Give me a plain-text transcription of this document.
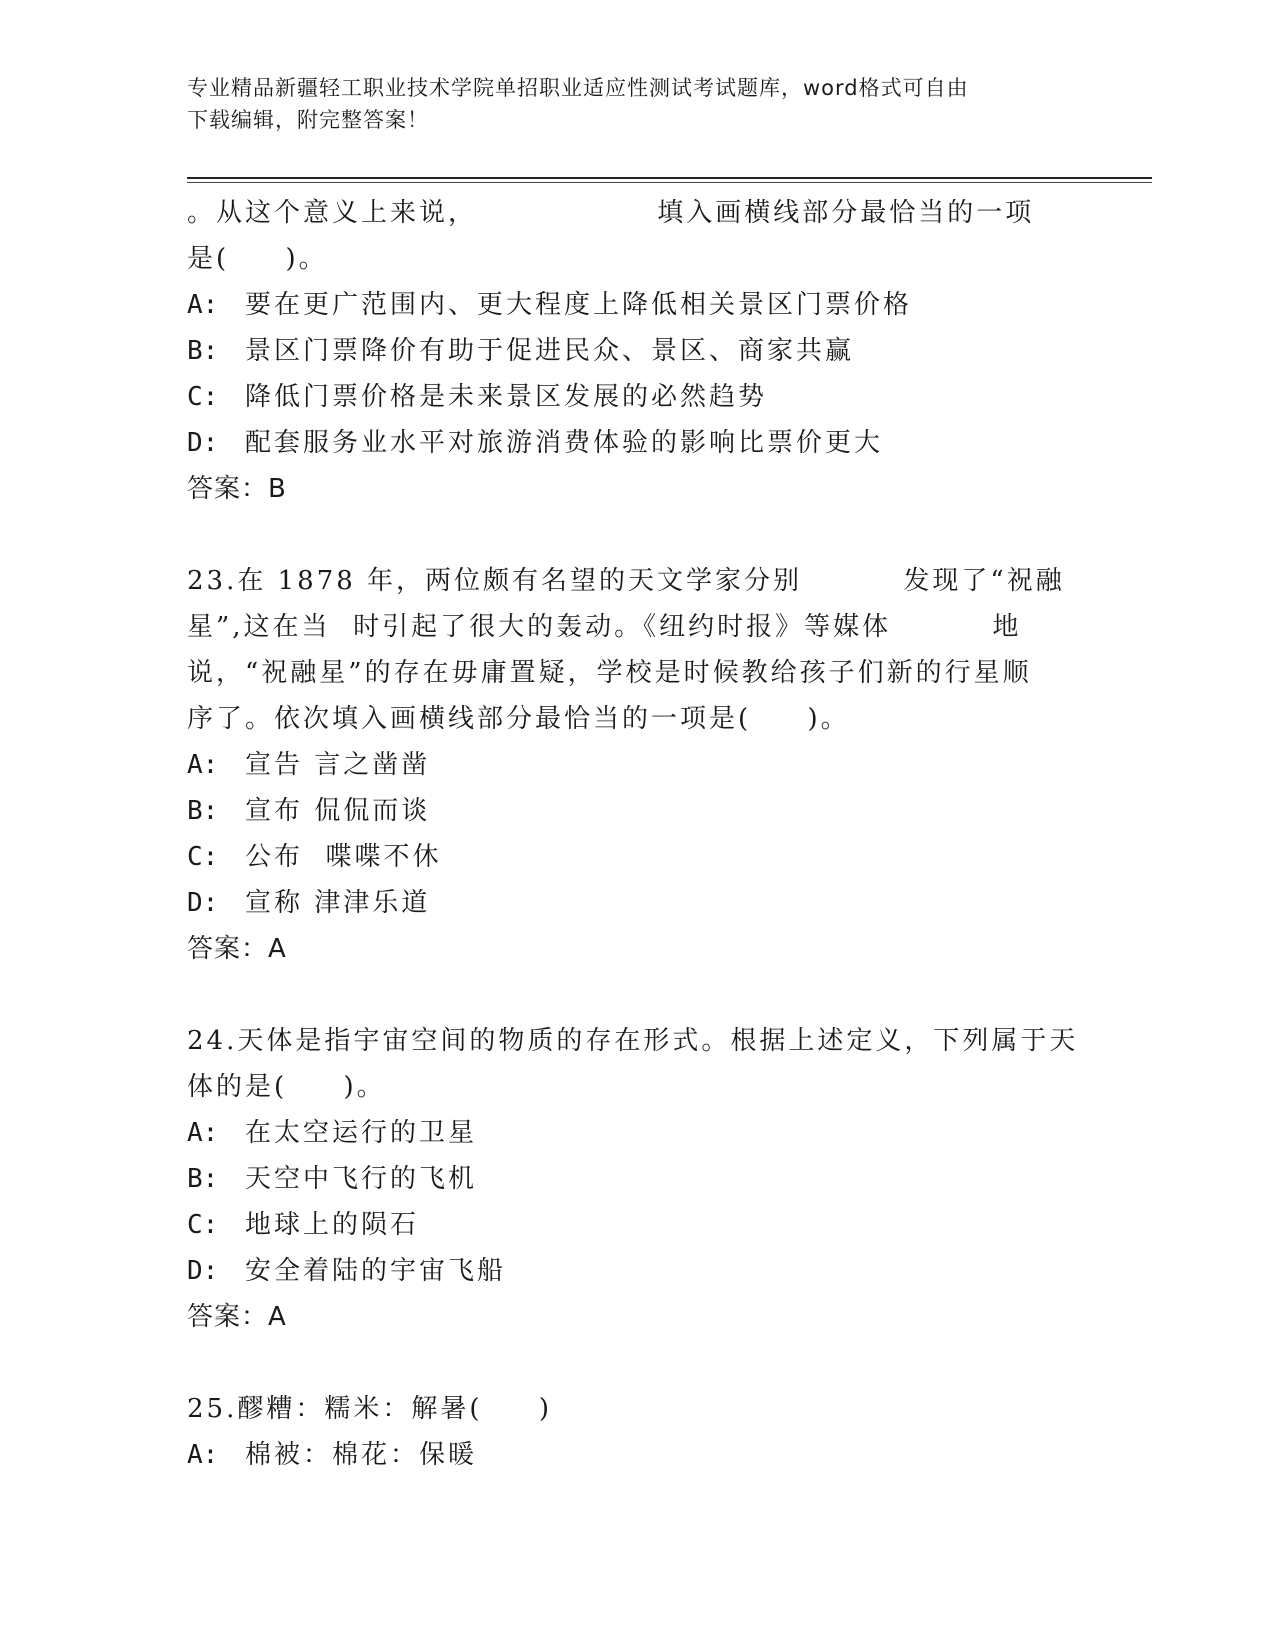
专业精品新疆轻工职业技术学院单招职业适应性测试考试题库，word格式可自由
下载编辑，附完整答案！
。从这个意义上来说，                填入画横线部分最恰当的一项
是(     )。
A: 要在更广范围内、更大程度上降低相关景区门票价格
B: 景区门票降价有助于促进民众、景区、商家共赢
C: 降低门票价格是未来景区发展的必然趋势
D: 配套服务业水平对旅游消费体验的影响比票价更大
答案：B
23.在 1878 年，两位颇有名望的天文学家分别         发现了“祝融
星”,这在当  时引起了很大的轰动。《纽约时报》等媒体         地
说，“祝融星”的存在毋庸置疑，学校是时候教给孩子们新的行星顺
序了。依次填入画横线部分最恰当的一项是(     )。
A: 宣告 言之凿凿
B: 宣布 侃侃而谈
C: 公布  喋喋不休
D: 宣称 津津乐道
答案：A
24.天体是指宇宙空间的物质的存在形式。根据上述定义，下列属于天
体的是(     )。
A: 在太空运行的卫星
B: 天空中飞行的飞机
C: 地球上的陨石
D: 安全着陆的宇宙飞船
答案：A
25.醪糟：糯米：解暑(     )
A: 棉被：棉花：保暖
